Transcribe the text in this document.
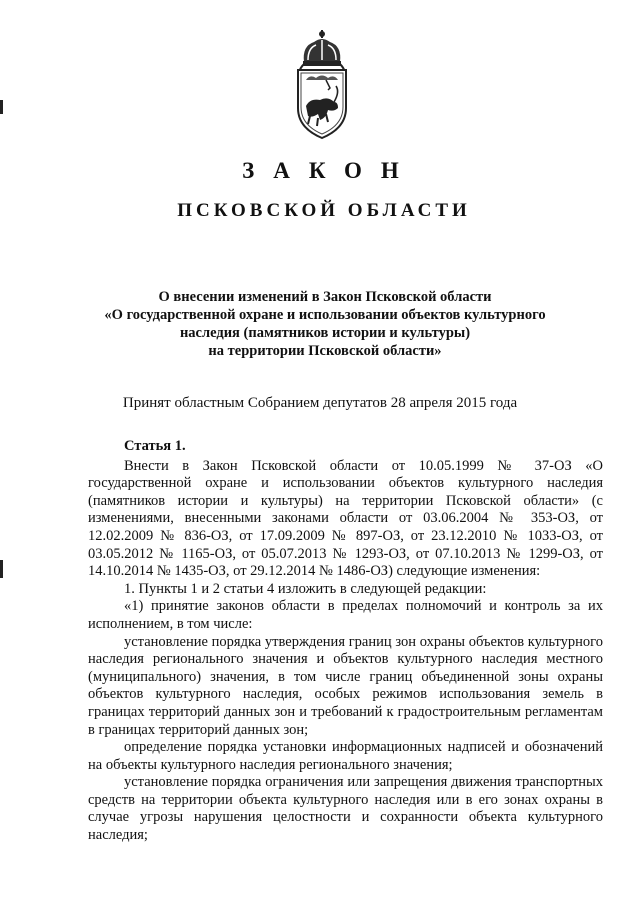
ЗАКОН
ПСКОВСКОЙ ОБЛАСТИ
О внесении изменений в Закон Псковской области
«О государственной охране и использовании объектов культурного
наследия (памятников истории и культуры)
на территории Псковской области»
Принят областным Собранием депутатов 28 апреля 2015 года
Статья 1.

Внести в Закон Псковской области от 10.05.1999 № 37-ОЗ «О государственной охране и использовании объектов культурного наследия (памятников истории и культуры) на территории Псковской области» (с изменениями, внесенными законами области от 03.06.2004 № 353-ОЗ, от 12.02.2009 № 836-ОЗ, от 17.09.2009 № 897-ОЗ, от 23.12.2010 № 1033-ОЗ, от 03.05.2012 № 1165-ОЗ, от 05.07.2013 № 1293-ОЗ, от 07.10.2013 № 1299-ОЗ, от 14.10.2014 № 1435-ОЗ, от 29.12.2014 № 1486-ОЗ) следующие изменения:

1. Пункты 1 и 2 статьи 4 изложить в следующей редакции:

«1) принятие законов области в пределах полномочий и контроль за их исполнением, в том числе:

установление порядка утверждения границ зон охраны объектов культурного наследия регионального значения и объектов культурного наследия местного (муниципального) значения, в том числе границ объединенной зоны охраны объектов культурного наследия, особых режимов использования земель в границах территорий данных зон и требований к градостроительным регламентам в границах территорий данных зон;

определение порядка установки информационных надписей и обозначений на объекты культурного наследия регионального значения;

установление порядка ограничения или запрещения движения транспортных средств на территории объекта культурного наследия или в его зонах охраны в случае угрозы нарушения целостности и сохранности объекта культурного наследия;
